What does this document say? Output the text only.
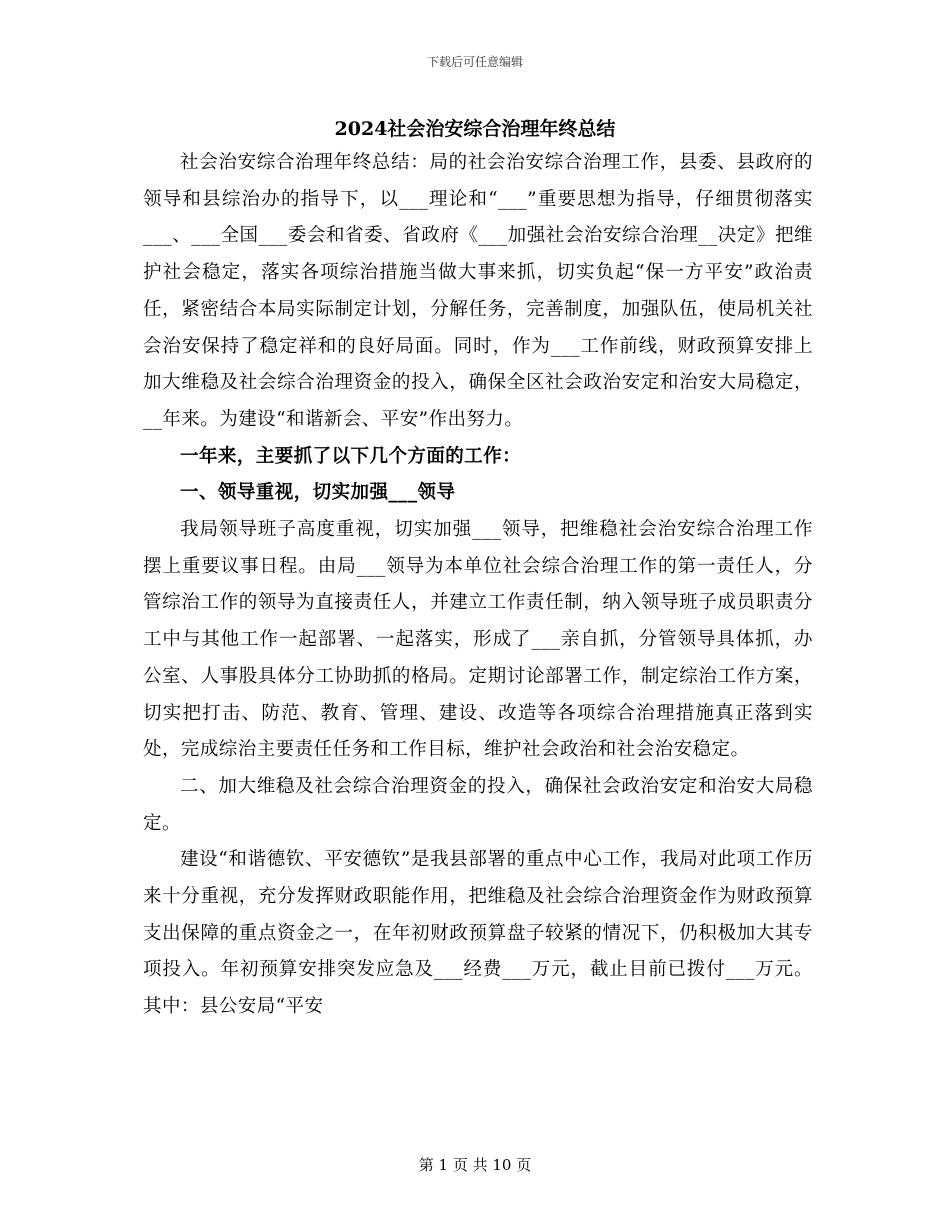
下载后可任意编辑
2024社会治安综合治理年终总结

社会治安综合治理年终总结：局的社会治安综合治理工作，县委、县政府的领导和县综治办的指导下，以___理论和“___”重要思想为指导，仔细贯彻落实___、___全国___委会和省委、省政府《___加强社会治安综合治理__决定》把维护社会稳定，落实各项综治措施当做大事来抓，切实负起“保一方平安”政治责任，紧密结合本局实际制定计划，分解任务，完善制度，加强队伍，使局机关社会治安保持了稳定祥和的良好局面。同时，作为___工作前线，财政预算安排上加大维稳及社会综合治理资金的投入，确保全区社会政治安定和治安大局稳定，__年来。为建设“和谐新会、平安”作出努力。

一年来，主要抓了以下几个方面的工作：

一、领导重视，切实加强___领导

我局领导班子高度重视，切实加强___领导，把维稳社会治安综合治理工作摆上重要议事日程。由局___领导为本单位社会综合治理工作的第一责任人，分管综治工作的领导为直接责任人，并建立工作责任制，纳入领导班子成员职责分工中与其他工作一起部署、一起落实，形成了___亲自抓，分管领导具体抓，办公室、人事股具体分工协助抓的格局。定期讨论部署工作，制定综治工作方案，切实把打击、防范、教育、管理、建设、改造等各项综合治理措施真正落到实处，完成综治主要责任任务和工作目标，维护社会政治和社会治安稳定。

二、加大维稳及社会综合治理资金的投入，确保社会政治安定和治安大局稳定。

建设“和谐德钦、平安德钦”是我县部署的重点中心工作，我局对此项工作历来十分重视，充分发挥财政职能作用，把维稳及社会综合治理资金作为财政预算支出保障的重点资金之一，在年初财政预算盘子较紧的情况下，仍积极加大其专项投入。年初预算安排突发应急及___经费___万元，截止目前已拨付___万元。其中：县公安局“平安

第 1 页 共 10 页
